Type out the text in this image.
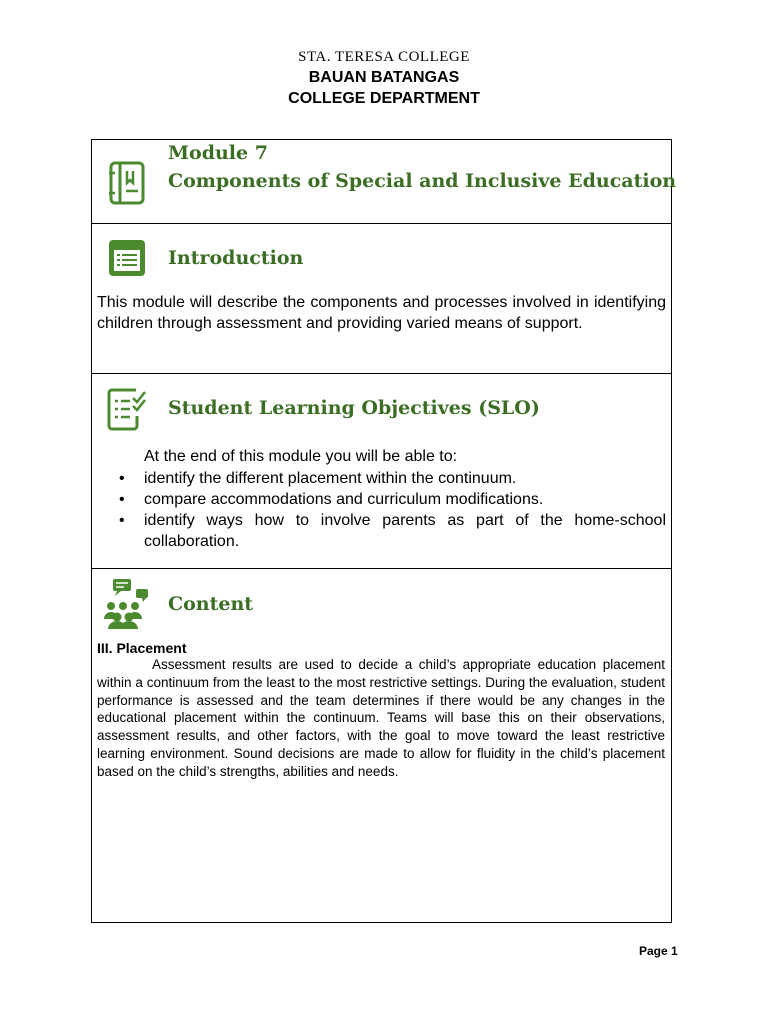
STA. TERESA COLLEGE
BAUAN BATANGAS
COLLEGE DEPARTMENT
Module 7
Components of Special and Inclusive Education
Introduction
This module will describe the components and processes involved in identifying children through assessment and providing varied means of support.
Student Learning Objectives (SLO)
At the end of this module you will be able to:
• identify the different placement within the continuum.
• compare accommodations and curriculum modifications.
• identify ways how to involve parents as part of the home-school collaboration.
Content
III. Placement
Assessment results are used to decide a child’s appropriate education placement within a continuum from the least to the most restrictive settings. During the evaluation, student performance is assessed and the team determines if there would be any changes in the educational placement within the continuum. Teams will base this on their observations, assessment results, and other factors, with the goal to move toward the least restrictive learning environment. Sound decisions are made to allow for fluidity in the child’s placement based on the child’s strengths, abilities and needs.
Page 1
